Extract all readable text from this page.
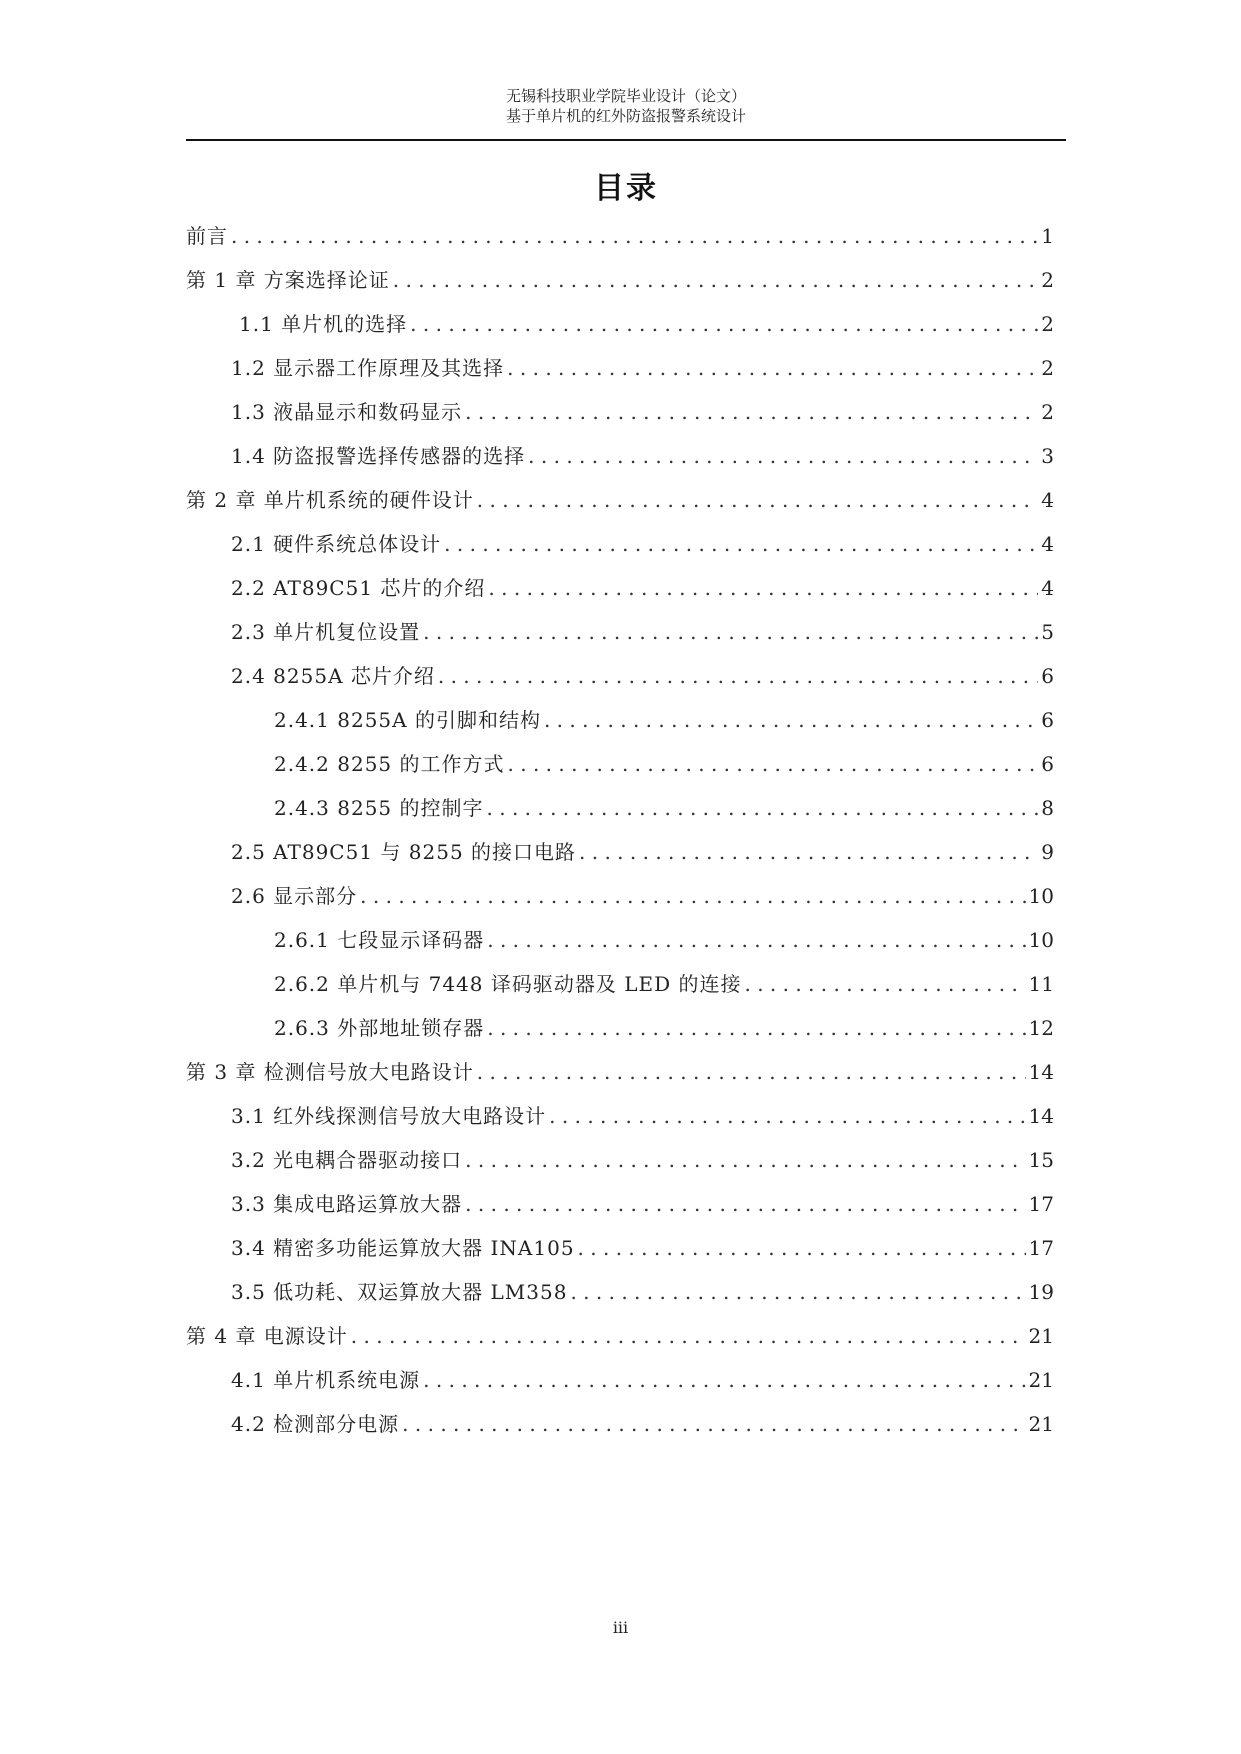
无锡科技职业学院毕业设计（论文）
基于单片机的红外防盗报警系统设计
目录
前言 . . .	1
第 1 章 方案选择论证 . . .	2
1.1 单片机的选择 . . .	2
1.2 显示器工作原理及其选择 . . .	2
1.3 液晶显示和数码显示 . . .	2
1.4 防盗报警选择传感器的选择 . . .	3
第 2 章 单片机系统的硬件设计 . . .	4
2.1 硬件系统总体设计 . . .	4
2.2 AT89C51 芯片的介绍 . . .	4
2.3 单片机复位设置 . . .	5
2.4 8255A 芯片介绍 . . .	6
2.4.1 8255A 的引脚和结构 . . .	6
2.4.2 8255 的工作方式 . . .	6
2.4.3 8255 的控制字 . . .	8
2.5 AT89C51 与 8255 的接口电路 . . .	9
2.6 显示部分 . . .	10
2.6.1 七段显示译码器 . . .	10
2.6.2 单片机与 7448 译码驱动器及 LED 的连接 . . .	11
2.6.3 外部地址锁存器 . . .	12
第 3 章 检测信号放大电路设计 . . .	14
3.1 红外线探测信号放大电路设计 . . .	14
3.2 光电耦合器驱动接口 . . .	15
3.3 集成电路运算放大器 . . .	17
3.4 精密多功能运算放大器 INA105 . . .	17
3.5 低功耗、双运算放大器 LM358 . . .	19
第 4 章 电源设计 . . .	21
4.1 单片机系统电源 . . .	21
4.2 检测部分电源 . . .	21
iii
